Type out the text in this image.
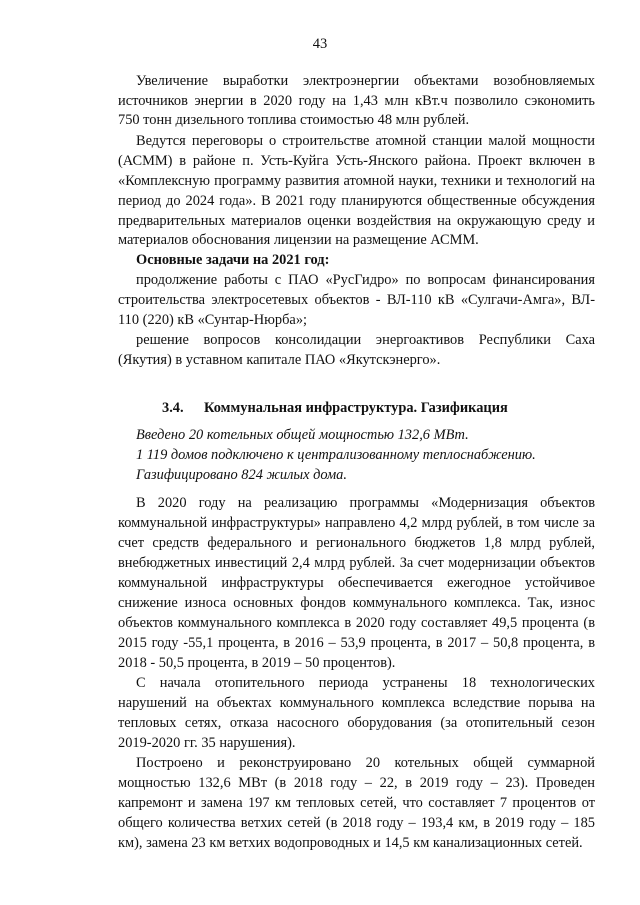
43
Увеличение выработки электроэнергии объектами возобновляемых
источников энергии в 2020 году на 1,43 млн кВт.ч позволило сэкономить
750 тонн дизельного топлива стоимостью 48 млн рублей.
Ведутся переговоры о строительстве атомной станции малой мощности
(АСММ) в районе п. Усть-Куйга Усть-Янского района. Проект включен в
«Комплексную программу развития атомной науки, техники и технологий на
период до 2024 года». В 2021 году планируются общественные обсуждения
предварительных материалов оценки воздействия на окружающую среду и
материалов обоснования лицензии на размещение АСММ.
Основные задачи на 2021 год:
продолжение работы с ПАО «РусГидро» по вопросам финансирования
строительства электросетевых объектов - ВЛ-110 кВ «Сулгачи-Амга», ВЛ-
110 (220) кВ «Сунтар-Нюрба»;
решение вопросов консолидации энергоактивов Республики Саха
(Якутия) в уставном капитале ПАО «Якутскэнерго».
3.4.	Коммунальная инфраструктура. Газификация
Введено 20 котельных общей мощностью 132,6 МВт.
1 119 домов подключено к централизованному теплоснабжению.
Газифицировано 824 жилых дома.
В 2020 году на реализацию программы «Модернизация объектов
коммунальной инфраструктуры» направлено 4,2 млрд рублей, в том числе за
счет средств федерального и регионального бюджетов 1,8 млрд рублей,
внебюджетных инвестиций 2,4 млрд рублей. За счет модернизации объектов
коммунальной инфраструктуры обеспечивается ежегодное устойчивое
снижение износа основных фондов коммунального комплекса. Так, износ
объектов коммунального комплекса в 2020 году составляет 49,5 процента (в
2015 году -55,1 процента, в 2016 – 53,9 процента, в 2017 – 50,8 процента, в
2018 - 50,5 процента, в 2019 – 50 процентов).
С начала отопительного периода устранены 18 технологических
нарушений на объектах коммунального комплекса вследствие порыва на
тепловых сетях, отказа насосного оборудования (за отопительный сезон
2019-2020 гг. 35 нарушения).
Построено и реконструировано 20 котельных общей суммарной
мощностью 132,6 МВт (в 2018 году – 22, в 2019 году – 23). Проведен
капремонт и замена 197 км тепловых сетей, что составляет 7 процентов от
общего количества ветхих сетей (в 2018 году – 193,4 км, в 2019 году – 185
км), замена 23 км ветхих водопроводных и 14,5 км канализационных сетей.
